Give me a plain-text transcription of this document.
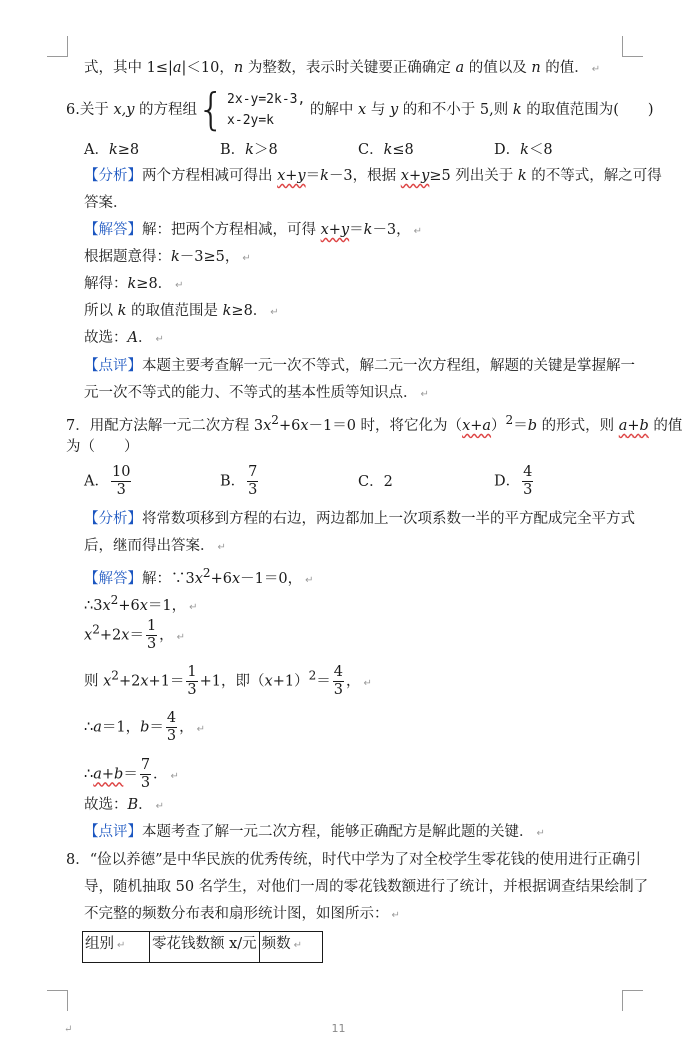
式，其中 1≤|a|＜10，n 为整数，表示时关键要正确确定 a 的值以及 n 的值． ↵
6.关于 x,y 的方程组 { 2x-y=2k-3,
x-2y=k
的解中 x 与 y 的和不小于 5,则 k 的取值范围为(　　)
A．k≥8	B．k＞8	C．k≤8	D．k＜8
【分析】两个方程相减可得出 x+y＝k－3，根据 x+y≥5 列出关于 k 的不等式，解之可得
答案．
【解答】解：把两个方程相减，可得 x+y＝k－3， ↵
根据题意得：k－3≥5， ↵
解得：k≥8． ↵
所以 k 的取值范围是 k≥8． ↵
故选：A． ↵
【点评】本题主要考查解一元一次不等式，解二元一次方程组，解题的关键是掌握解一
元一次不等式的能力、不等式的基本性质等知识点． ↵
7．用配方法解一元二次方程 $3x^2+6x-1=0$ 时，将它化为$(x+a)^2=b$ 的形式，则 a+b 的值
为（　　）
A． $\frac{10}{3}$	B． $\frac{7}{3}$	C．2	D． $\frac{4}{3}$
【分析】将常数项移到方程的右边，两边都加上一次项系数一半的平方配成完全平方式
后，继而得出答案． ↵
【解答】解：$\because 3x^2+6x-1=0$， ↵
$\therefore 3x^2+6x=1$， ↵
$x^2+2x= \frac{1}{3}$ ， ↵
则 $x^2+2x+1= \frac{1}{3} +1$，即$(x+1)^2= \frac{4}{3}$ ， ↵
∴a＝1，$b= \frac{4}{3}$ ， ↵
∴a+b＝ $\frac{7}{3}$ ． ↵
故选：B． ↵
【点评】本题考查了解一元二次方程，能够正确配方是解此题的关键． ↵
8．“俭以养德”是中华民族的优秀传统，时代中学为了对全校学生零花钱的使用进行正确引
导，随机抽取 50 名学生，对他们一周的零花钱数额进行了统计，并根据调查结果绘制了
不完整的频数分布表和扇形统计图，如图所示： ↵
组别 ↵	零花钱数额 x/元	频数 ↵
↵	11
